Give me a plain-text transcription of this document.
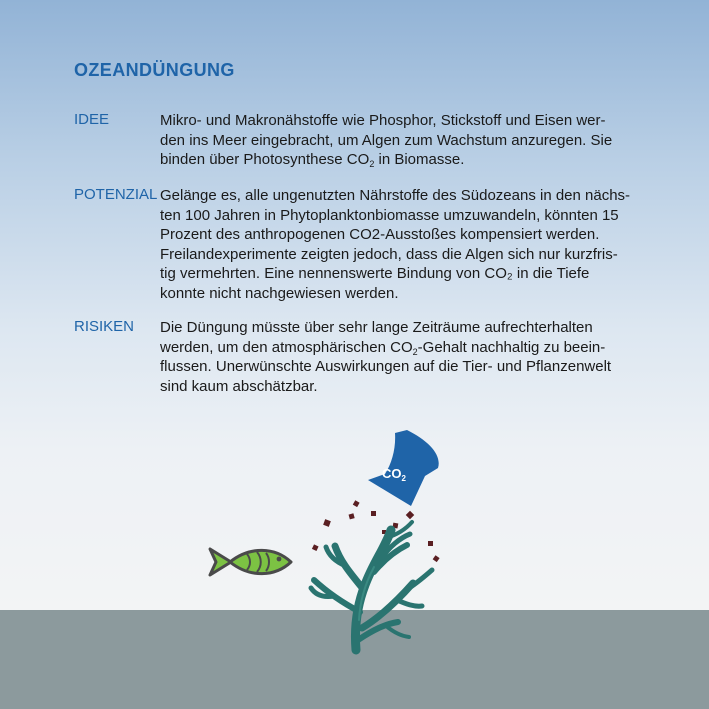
OZEANDÜNGUNG
IDEE	Mikro- und Makronähstoffe wie Phosphor, Stickstoff und Eisen wer-
den ins Meer eingebracht, um Algen zum Wachstum anzuregen. Sie
binden über Photosynthese $CO_2$ in Biomasse.
POTENZIAL Gelänge es, alle ungenutzten Nährstoffe des Südozeans in den nächs-
ten 100 Jahren in Phytoplanktonbiomasse umzuwandeln, könnten 15
Prozent des anthropogenen CO2-Ausstoßes kompensiert werden.
Freilandexperimente zeigten jedoch, dass die Algen sich nur kurzfris-
tig vermehrten. Eine nennenswerte Bindung von CO₂ in die Tiefe
konnte nicht nachgewiesen werden.
RISIKEN Die Düngung müsste über sehr lange Zeiträume aufrechterhalten
werden, um den atmosphärischen $CO_2$-Gehalt nachhaltig zu beein-
flussen. Unerwünschte Auswirkungen auf die Tier- und Pflanzenwelt
sind kaum abschätzbar.
$CO_2$
